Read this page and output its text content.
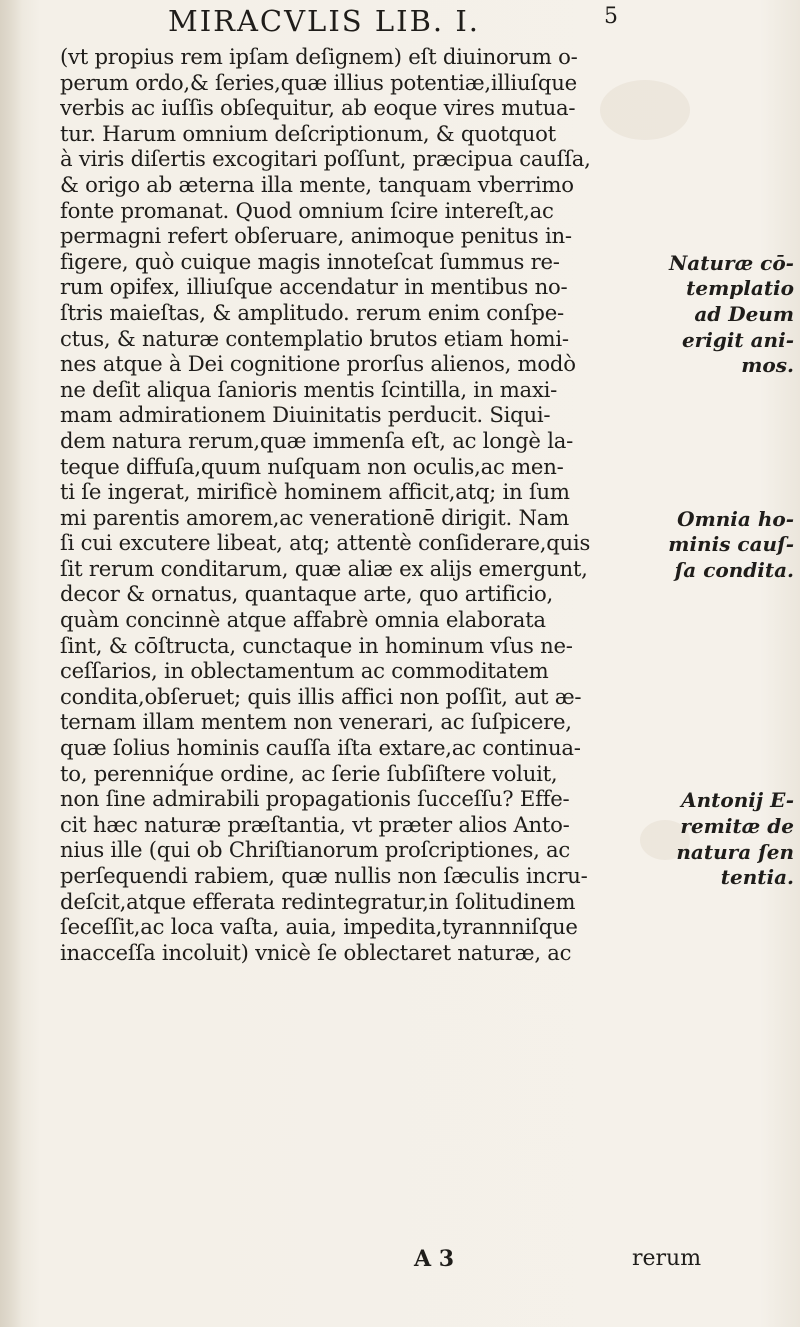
MIRACVLIS LIB. I.	5
(vt propius rem ipſam deſignem) eſt diuinorum o-
perum ordo,& ſeries,quæ illius potentiæ,illiuſque
verbis ac iuſſis obſequitur, ab eoque vires mutua-
tur. Harum omnium deſcriptionum, & quotquot
à viris diſertis excogitari poſſunt, præcipua cauſſa,
& origo ab æterna illa mente, tanquam vberrimo
fonte promanat. Quod omnium ſcire intereſt,ac
permagni refert obſeruare, animoque penitus in-
figere, quò cuique magis innoteſcat ſummus re-
rum opifex, illiuſque accendatur in mentibus no-
ſtris maieſtas, & amplitudo. rerum enim conſpe-
ctus, & naturæ contemplatio brutos etiam homi-
nes atque à Dei cognitione prorſus alienos, modò
ne deſit aliqua ſanioris mentis ſcintilla, in maxi-
mam admirationem Diuinitatis perducit. Siqui-
dem natura rerum,quæ immenſa eſt, ac longè la-
teque diffuſa,quum nuſquam non oculis,ac men-
ti ſe ingerat, mirificè hominem afficit,atq; in ſum
mi parentis amorem,ac venerationē dirigit. Nam
ſi cui excutere libeat, atq; attentè conſiderare,quis
ſit rerum conditarum, quæ aliæ ex alijs emergunt,
decor & ornatus, quantaque arte, quo artificio,
quàm concinnè atque affabrè omnia elaborata
ſint, & cōſtructa, cunctaque in hominum vſus ne-
ceſſarios, in oblectamentum ac commoditatem
condita,obſeruet; quis illis affici non poſſit, aut æ-
ternam illam mentem non venerari, ac ſuſpicere,
quæ ſolius hominis cauſſa iſta extare,ac continua-
to, perenniq́ue ordine, ac ſerie ſubſiſtere voluit,
non ſine admirabili propagationis ſucceſſu? Effe-
cit hæc naturæ præſtantia, vt præter alios Anto-
nius ille (qui ob Chriſtianorum proſcriptiones, ac
perſequendi rabiem, quæ nullis non ſæculis incru-
deſcit,atque efferata redintegratur,in ſolitudinem
ſeceſſit,ac loca vaſta, auia, impedita,tyrannniſque
inacceſſa incoluit) vnicè ſe oblectaret naturæ, ac
Naturæ cō-
templatio
ad Deum
erigit ani-
mos.
Omnia ho-
minis cauſ-
ſa condita.
Antonij E-
remitæ de
natura ſen
tentia.
A 3	rerum
